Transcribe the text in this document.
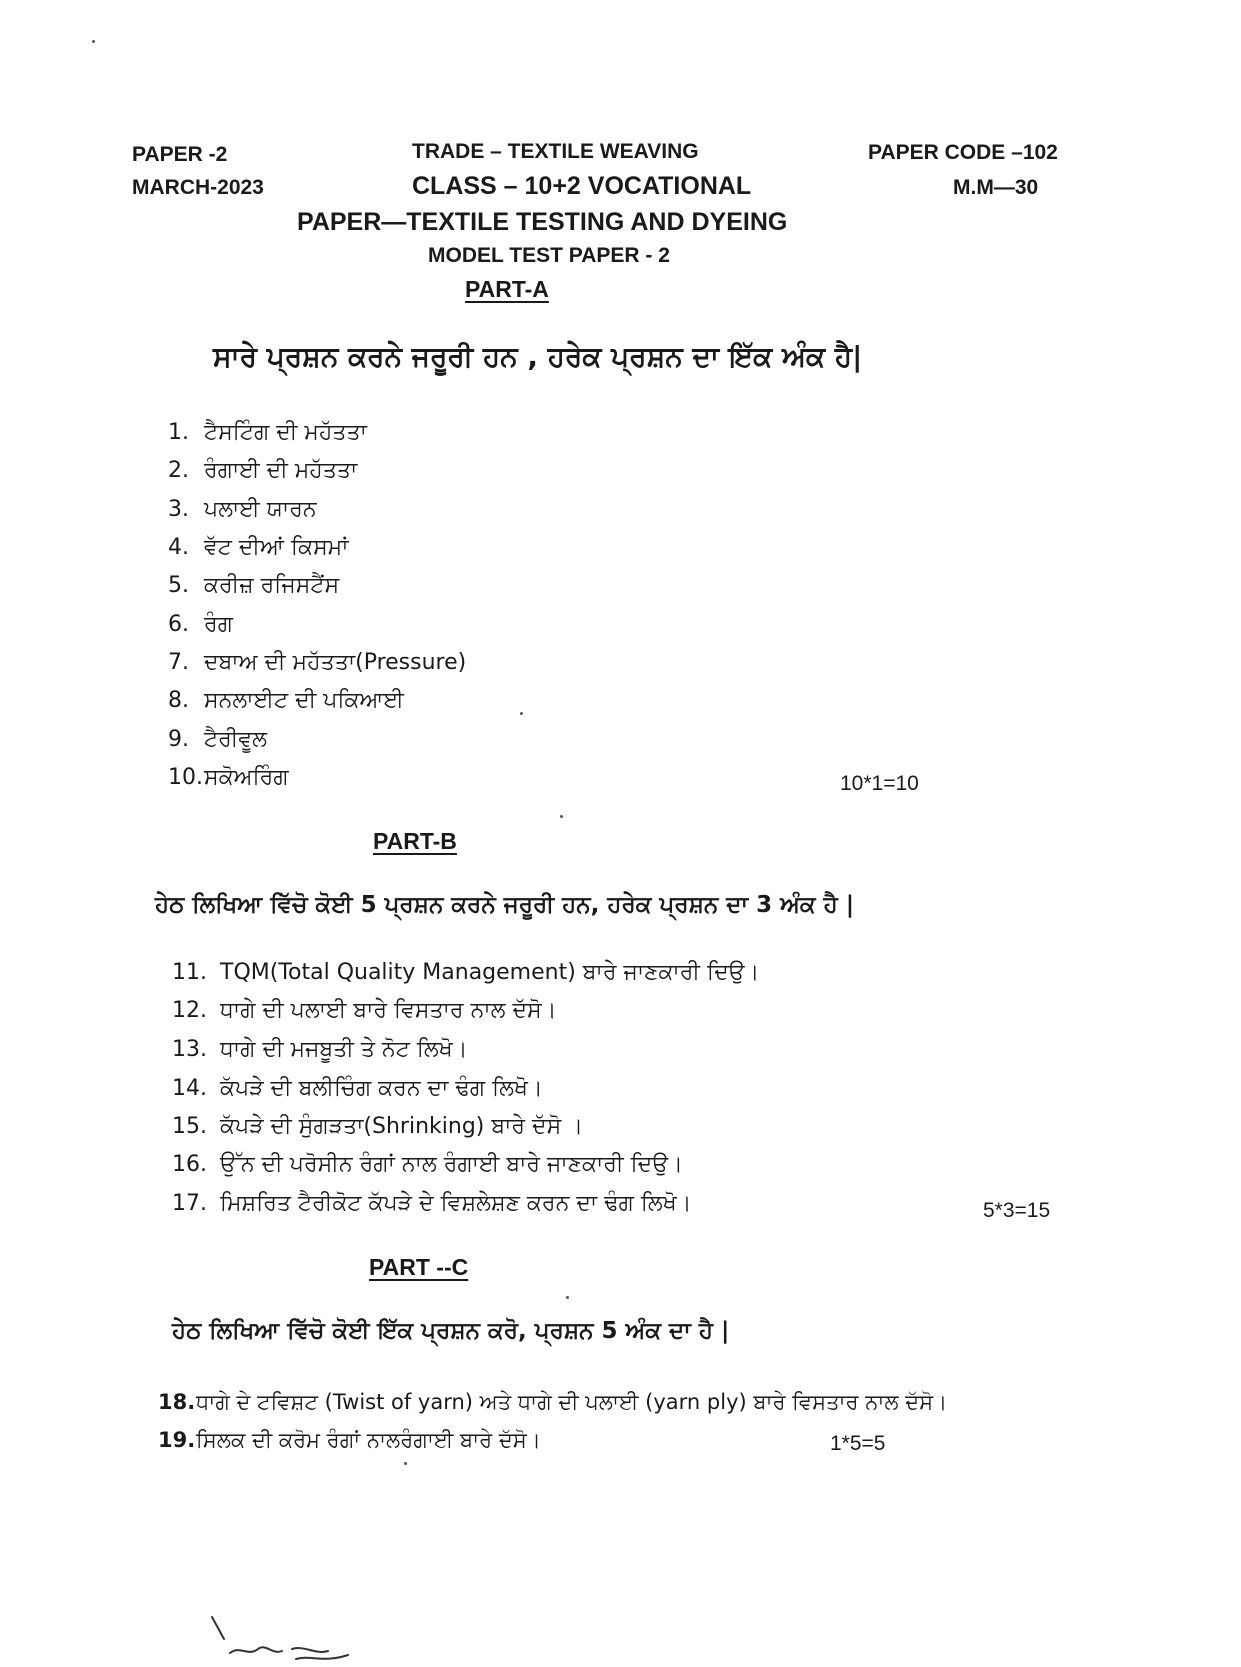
PAPER -2
MARCH-2023
TRADE – TEXTILE WEAVING
CLASS – 10+2 VOCATIONAL
PAPER—TEXTILE TESTING AND DYEING
MODEL TEST PAPER - 2
PAPER CODE –102
M.M—30
PART-A
ਸਾਰੇ ਪ੍ਰਸ਼ਨ ਕਰਨੇ ਜਰੂਰੀ ਹਨ , ਹਰੇਕ ਪ੍ਰਸ਼ਨ ਦਾ ਇੱਕ ਅੰਕ ਹੈ|
1. ਟੈਸਟਿੰਗ ਦੀ ਮਹੱਤਤਾ
2. ਰੰਗਾਈ ਦੀ ਮਹੱਤਤਾ
3. ਪਲਾਈ ਯਾਰਨ
4. ਵੱਟ ਦੀਆਂ ਕਿਸਮਾਂ
5. ਕਰੀਜ਼ ਰਜਿਸਟੈਂਸ
6. ਰੰਗ
7. ਦਬਾਅ ਦੀ ਮਹੱਤਤਾ(Pressure)
8. ਸਨਲਾਈਟ ਦੀ ਪਕਿਆਈ
9. ਟੈਰੀਵੂਲ
10.ਸਕੋਅਰਿੰਗ	10*1=10
PART-B
ਹੇਠ ਲਿਖਿਆ ਵਿੱਚੋ ਕੋਈ 5 ਪ੍ਰਸ਼ਨ ਕਰਨੇ ਜਰੂਰੀ ਹਨ, ਹਰੇਕ ਪ੍ਰਸ਼ਨ ਦਾ 3 ਅੰਕ ਹੈ |
11. TQM(Total Quality Management) ਬਾਰੇ ਜਾਣਕਾਰੀ ਦਿਉ।
12. ਧਾਗੇ ਦੀ ਪਲਾਈ ਬਾਰੇ ਵਿਸਤਾਰ ਨਾਲ ਦੱਸੋ।
13. ਧਾਗੇ ਦੀ ਮਜਬੂਤੀ ਤੇ ਨੋਟ ਲਿਖੋ।
14. ਕੱਪੜੇ ਦੀ ਬਲੀਚਿੰਗ ਕਰਨ ਦਾ ਢੰਗ ਲਿਖੋ।
15. ਕੱਪੜੇ ਦੀ ਸੁੰਗੜਤਾ(Shrinking) ਬਾਰੇ ਦੱਸੋ ।
16. ਉੱਨ ਦੀ ਪਰੋਸੀਨ ਰੰਗਾਂ ਨਾਲ ਰੰਗਾਈ ਬਾਰੇ ਜਾਣਕਾਰੀ ਦਿਉ।
17. ਮਿਸ਼ਰਿਤ ਟੈਰੀਕੋਟ ਕੱਪੜੇ ਦੇ ਵਿਸ਼ਲੇਸ਼ਣ ਕਰਨ ਦਾ ਢੰਗ ਲਿਖੋ।	5*3=15
PART --C
ਹੇਠ ਲਿਖਿਆ ਵਿੱਚੋ ਕੋਈ ਇੱਕ ਪ੍ਰਸ਼ਨ ਕਰੋ, ਪ੍ਰਸ਼ਨ 5 ਅੰਕ ਦਾ ਹੈ |
18.ਧਾਗੇ ਦੇ ਟਵਿਸ਼ਟ (Twist of yarn) ਅਤੇ ਧਾਗੇ ਦੀ ਪਲਾਈ (yarn ply) ਬਾਰੇ ਵਿਸਤਾਰ ਨਾਲ ਦੱਸੋ।
19.ਸਿਲਕ ਦੀ ਕਰੋਮ ਰੰਗਾਂ ਨਾਲਰੰਗਾਈ ਬਾਰੇ ਦੱਸੋ।	1*5=5
